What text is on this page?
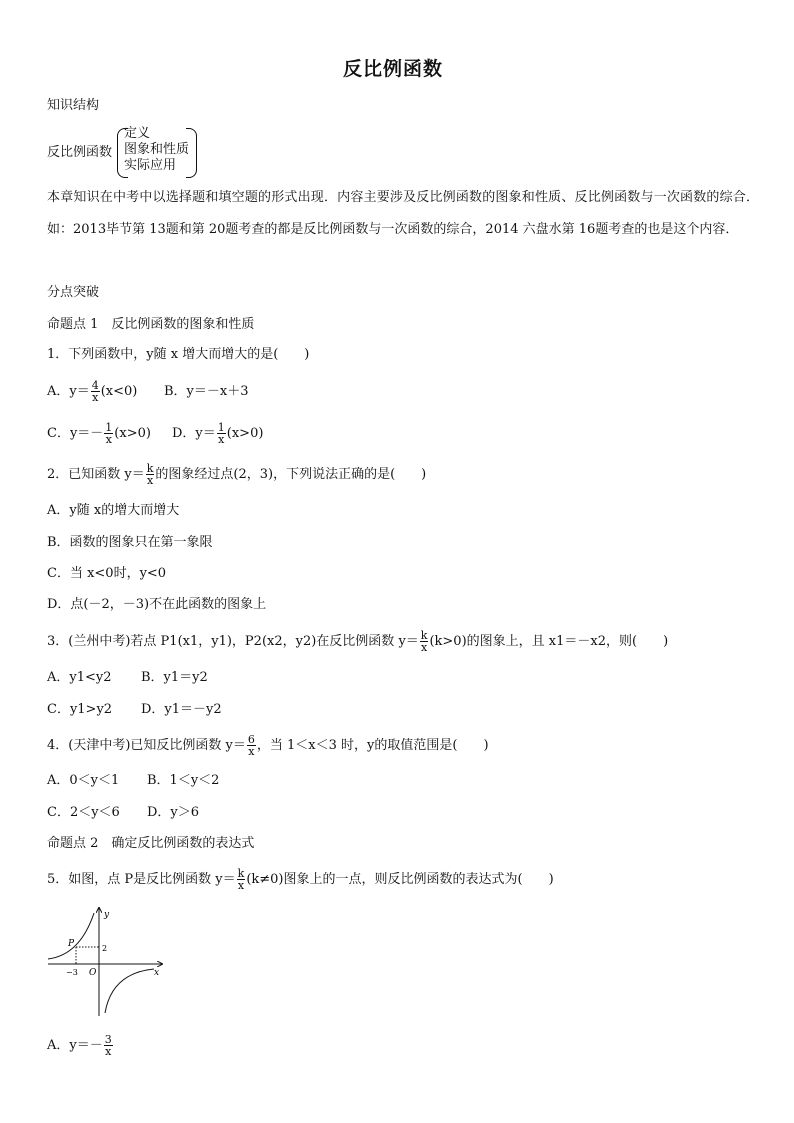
反比例函数
知识结构
反比例函数
定义
图象和性质
实际应用
本章知识在中考中以选择题和填空题的形式出现．内容主要涉及反比例函数的图象和性质、反比例函数与一次函数的综合．如：2013毕节第 13题和第 20题考查的都是反比例函数与一次函数的综合，2014 六盘水第 16题考查的也是这个内容．
分点突破
命题点 1　反比例函数的图象和性质
1．下列函数中，y随 x 增大而增大的是(　　)
A．$y= \frac{4}{x} (x<0)$ B．y＝－x＋3
C．$y=- \frac{1}{x} (x>0)$ D．$y= \frac{1}{x} (x>0)$
2．已知函数 $y= \frac{k}{x}$ 的图象经过点(2，3)，下列说法正确的是(　　)
A．y随 x的增大而增大
B．函数的图象只在第一象限
C．当 x<0时，y<0
D．点(－2，－3)不在此函数的图象上
3．(兰州中考)若点 P1(x1，y1)，P2(x2，y2)在反比例函数 $y= \frac{k}{x} (k>0)$的图象上，且 x1＝－x2，则(　　)
A．y1<y2 B．y1＝y2
C．y1>y2 D．y1＝－y2
4．(天津中考)已知反比例函数 $y= \frac{6}{x}$ ，当 1＜x＜3 时，y的取值范围是(　　)
A．0＜y＜1 B．1＜y＜2
C．2＜y＜6 D．y＞6
命题点 2　确定反比例函数的表达式
5．如图，点 P是反比例函数 $y= \frac{k}{x} (k\ne 0)$图象上的一点，则反比例函数的表达式为(　　)
y
x
O
P
−3
2
A．$y=- \frac{3}{x}$
